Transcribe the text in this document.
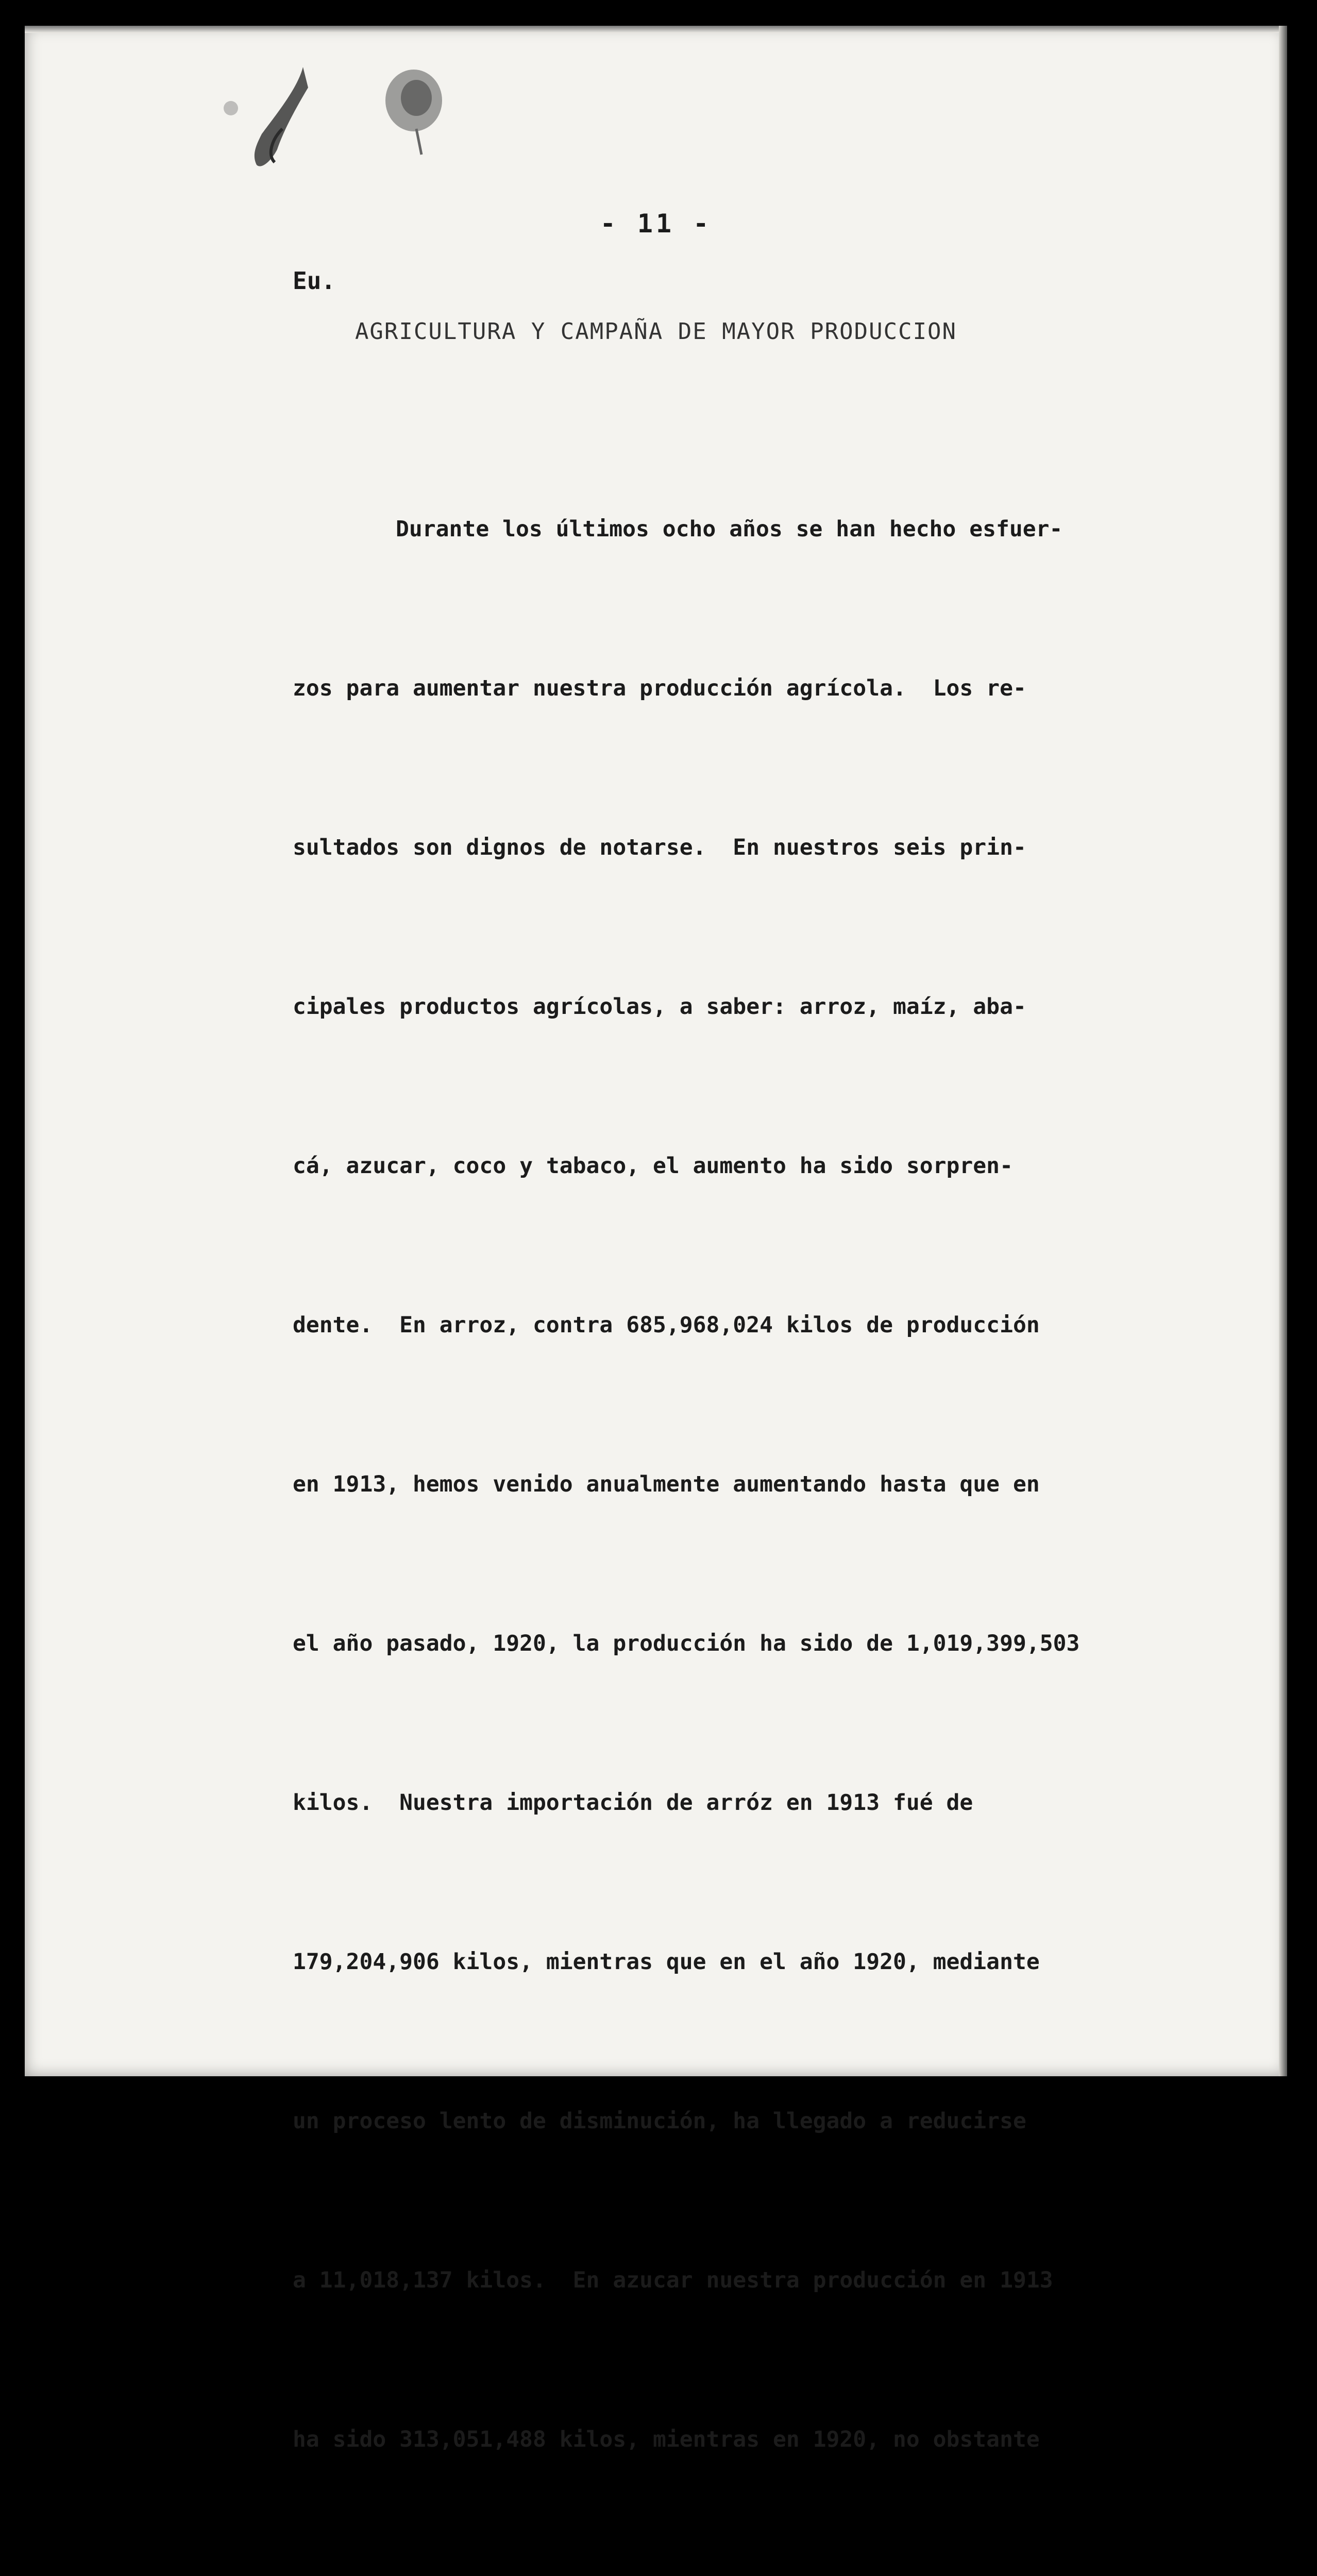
- 11 -
Eu.
AGRICULTURA Y CAMPAÑA DE MAYOR PRODUCCION

Durante los últimos ocho años se han hecho esfuer-

zos para aumentar nuestra producción agrícola.  Los re-

sultados son dignos de notarse.  En nuestros seis prin-

cipales productos agrícolas, a saber: arroz, maíz, aba-

cá, azucar, coco y tabaco, el aumento ha sido sorpren-

dente.  En arroz, contra 685,968,024 kilos de producción

en 1913, hemos venido anualmente aumentando hasta que en

el año pasado, 1920, la producción ha sido de 1,019,399,503

kilos.  Nuestra importación de arróz en 1913 fué de

179,204,906 kilos, mientras que en el año 1920, mediante

un proceso lento de disminución, ha llegado a reducirse

a 11,018,137 kilos.  En azucar nuestra producción en 1913

ha sido 313,051,488 kilos, mientras en 1920, no obstante
